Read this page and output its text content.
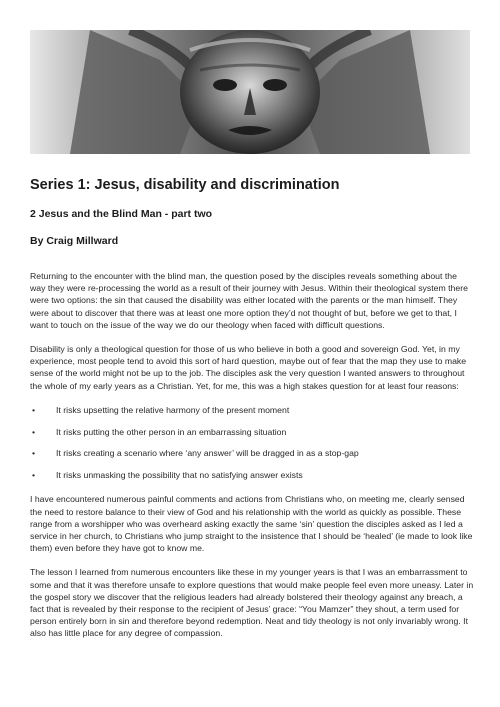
Series 1: Jesus, disability and discrimination
2 Jesus and the Blind Man - part two
By Craig Millward

Returning to the encounter with the blind man, the question posed by the disciples reveals something about the way they were re-processing the world as a result of their journey with Jesus. Within their theological system there were two options: the sin that caused the disability was either located with the parents or the man himself. They were about to discover that there was at least one more option they’d not thought of but, before we get to that, I want to touch on the issue of the way we do our theology when faced with difficult questions.

Disability is only a theological question for those of us who believe in both a good and sovereign God. Yet, in my experience, most people tend to avoid this sort of hard question, maybe out of fear that the map they use to make sense of the world might not be up to the job. The disciples ask the very question I wanted answers to throughout the whole of my early years as a Christian. Yet, for me, this was a high stakes question for at least four reasons:

• It risks upsetting the relative harmony of the present moment
• It risks putting the other person in an embarrassing situation
• It risks creating a scenario where ‘any answer’ will be dragged in as a stop-gap
• It risks unmasking the possibility that no satisfying answer exists

I have encountered numerous painful comments and actions from Christians who, on meeting me, clearly sensed the need to restore balance to their view of God and his relationship with the world as quickly as possible. These range from a worshipper who was overheard asking exactly the same ‘sin’ question the disciples asked as I led a service in her church, to Christians who jump straight to the insistence that I should be ‘healed’ (ie made to look like them) even before they have got to know me.

The lesson I learned from numerous encounters like these in my younger years is that I was an embarrassment to some and that it was therefore unsafe to explore questions that would make people feel even more uneasy. Later in the gospel story we discover that the religious leaders had already bolstered their theology against any breach, a fact that is revealed by their response to the recipient of Jesus’ grace: “You Mamzer” they shout, a term used for person entirely born in sin and therefore beyond redemption. Neat and tidy theology is not only invariably wrong. It also has little place for any degree of compassion.
